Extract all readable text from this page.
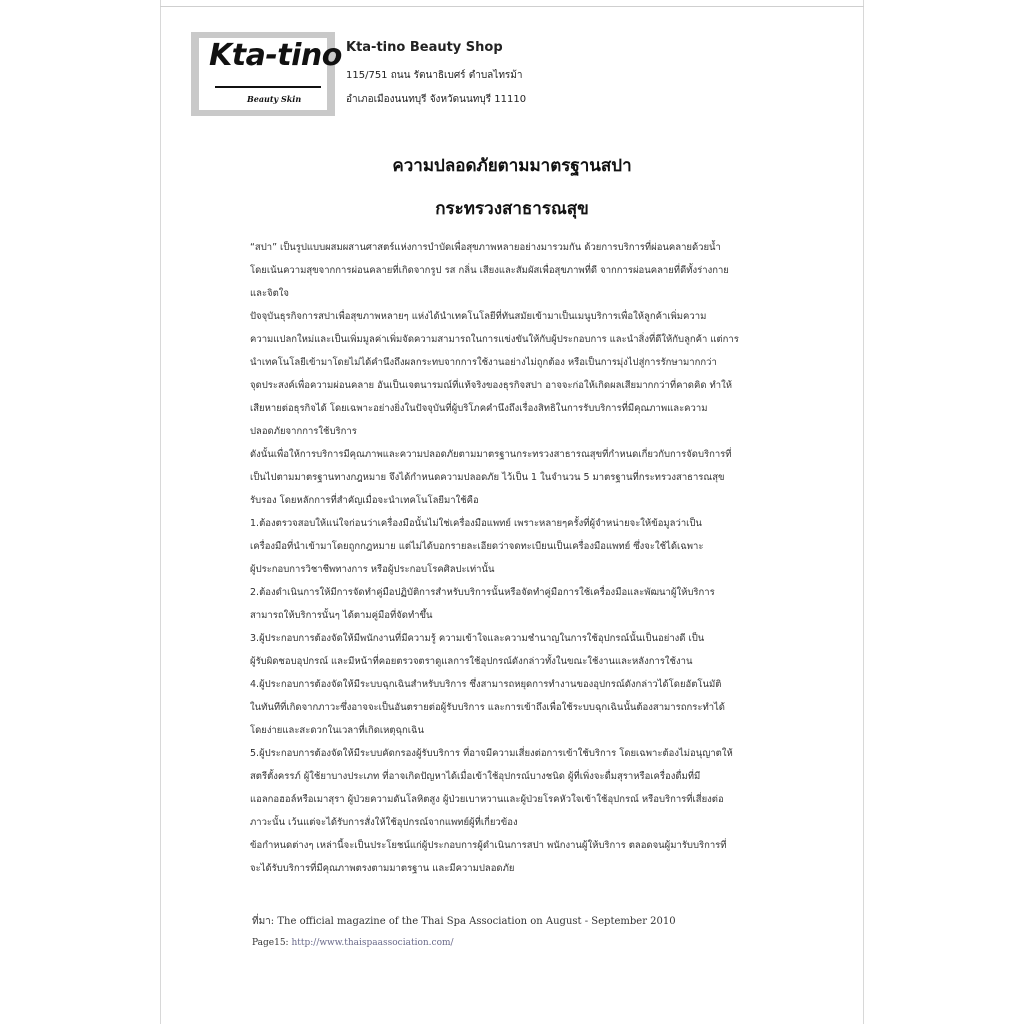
Kta-tino
Beauty Skin
Kta-tino Beauty Shop
115/751 ถนน รัตนาธิเบศร์ ตำบลไทรม้า
อำเภอเมืองนนทบุรี จังหวัดนนทบุรี 11110
ความปลอดภัยตามมาตรฐานสปา
กระทรวงสาธารณสุข
“สปา” เป็นรูปแบบผสมผสานศาสตร์แห่งการบำบัดเพื่อสุขภาพหลายอย่างมารวมกัน ด้วยการบริการที่ผ่อนคลายด้วยน้ำ
โดยเน้นความสุขจากการผ่อนคลายที่เกิดจากรูป รส กลิ่น เสียงและสัมผัสเพื่อสุขภาพที่ดี จากการผ่อนคลายที่ดีทั้งร่างกาย
และจิตใจ
ปัจจุบันธุรกิจการสปาเพื่อสุขภาพหลายๆ แห่งได้นำเทคโนโลยีที่ทันสมัยเข้ามาเป็นเมนูบริการเพื่อให้ลูกค้าเพิ่มความ
ความแปลกใหม่และเป็นเพิ่มมูลค่าเพิ่มจัดความสามารถในการแข่งขันให้กับผู้ประกอบการ และนำสิ่งที่ดีให้กับลูกค้า แต่การ
นำเทคโนโลยีเข้ามาโดยไม่ได้คำนึงถึงผลกระทบจากการใช้งานอย่างไม่ถูกต้อง หรือเป็นการมุ่งไปสู่การรักษามากกว่า
จุดประสงค์เพื่อความผ่อนคลาย อันเป็นเจตนารมณ์ที่แท้จริงของธุรกิจสปา อาจจะก่อให้เกิดผลเสียมากกว่าที่คาดคิด ทำให้
เสียหายต่อธุรกิจได้ โดยเฉพาะอย่างยิ่งในปัจจุบันที่ผู้บริโภคคำนึงถึงเรื่องสิทธิในการรับบริการที่มีคุณภาพและความ
ปลอดภัยจากการใช้บริการ
ดังนั้นเพื่อให้การบริการมีคุณภาพและความปลอดภัยตามมาตรฐานกระทรวงสาธารณสุขที่กำหนดเกี่ยวกับการจัดบริการที่
เป็นไปตามมาตรฐานทางกฎหมาย จึงได้กำหนดความปลอดภัย ไว้เป็น 1 ในจำนวน 5 มาตรฐานที่กระทรวงสาธารณสุข
รับรอง โดยหลักการที่สำคัญเมื่อจะนำเทคโนโลยีมาใช้คือ
1.ต้องตรวจสอบให้แน่ใจก่อนว่าเครื่องมือนั้นไม่ใช่เครื่องมือแพทย์ เพราะหลายๆครั้งที่ผู้จำหน่ายจะให้ข้อมูลว่าเป็น
เครื่องมือที่นำเข้ามาโดยถูกกฎหมาย แต่ไม่ได้บอกรายละเอียดว่าจดทะเบียนเป็นเครื่องมือแพทย์ ซึ่งจะใช้ได้เฉพาะ
ผู้ประกอบการวิชาชีพทางการ หรือผู้ประกอบโรคศิลปะเท่านั้น
2.ต้องดำเนินการให้มีการจัดทำคู่มือปฏิบัติการสำหรับบริการนั้นหรือจัดทำคู่มือการใช้เครื่องมือและพัฒนาผู้ให้บริการ
สามารถให้บริการนั้นๆ ได้ตามคู่มือที่จัดทำขึ้น
3.ผู้ประกอบการต้องจัดให้มีพนักงานที่มีความรู้ ความเข้าใจและความชำนาญในการใช้อุปกรณ์นั้นเป็นอย่างดี เป็น
ผู้รับผิดชอบอุปกรณ์ และมีหน้าที่คอยตรวจตราดูแลการใช้อุปกรณ์ดังกล่าวทั้งในขณะใช้งานและหลังการใช้งาน
4.ผู้ประกอบการต้องจัดให้มีระบบฉุกเฉินสำหรับบริการ ซึ่งสามารถหยุดการทำงานของอุปกรณ์ดังกล่าวได้โดยอัตโนมัติ
ในทันทีที่เกิดจากภาวะซึ่งอาจจะเป็นอันตรายต่อผู้รับบริการ และการเข้าถึงเพื่อใช้ระบบฉุกเฉินนั้นต้องสามารถกระทำได้
โดยง่ายและสะดวกในเวลาที่เกิดเหตุฉุกเฉิน
5.ผู้ประกอบการต้องจัดให้มีระบบคัดกรองผู้รับบริการ ที่อาจมีความเสี่ยงต่อการเข้าใช้บริการ โดยเฉพาะต้องไม่อนุญาตให้
สตรีตั้งครรภ์ ผู้ใช้ยาบางประเภท ที่อาจเกิดปัญหาได้เมื่อเข้าใช้อุปกรณ์บางชนิด ผู้ที่เพิ่งจะดื่มสุราหรือเครื่องดื่มที่มี
แอลกอฮอล์หรือเมาสุรา ผู้ป่วยความดันโลหิตสูง ผู้ป่วยเบาหวานและผู้ป่วยโรคหัวใจเข้าใช้อุปกรณ์ หรือบริการที่เสี่ยงต่อ
ภาวะนั้น เว้นแต่จะได้รับการสั่งให้ใช้อุปกรณ์จากแพทย์ผู้ที่เกี่ยวข้อง
ข้อกำหนดต่างๆ เหล่านี้จะเป็นประโยชน์แก่ผู้ประกอบการผู้ดำเนินการสปา พนักงานผู้ให้บริการ ตลอดจนผู้มารับบริการที่
จะได้รับบริการที่มีคุณภาพตรงตามมาตรฐาน และมีความปลอดภัย
ที่มา: The official magazine of the Thai Spa Association on August - September 2010
Page15: http://www.thaispaassociation.com/
